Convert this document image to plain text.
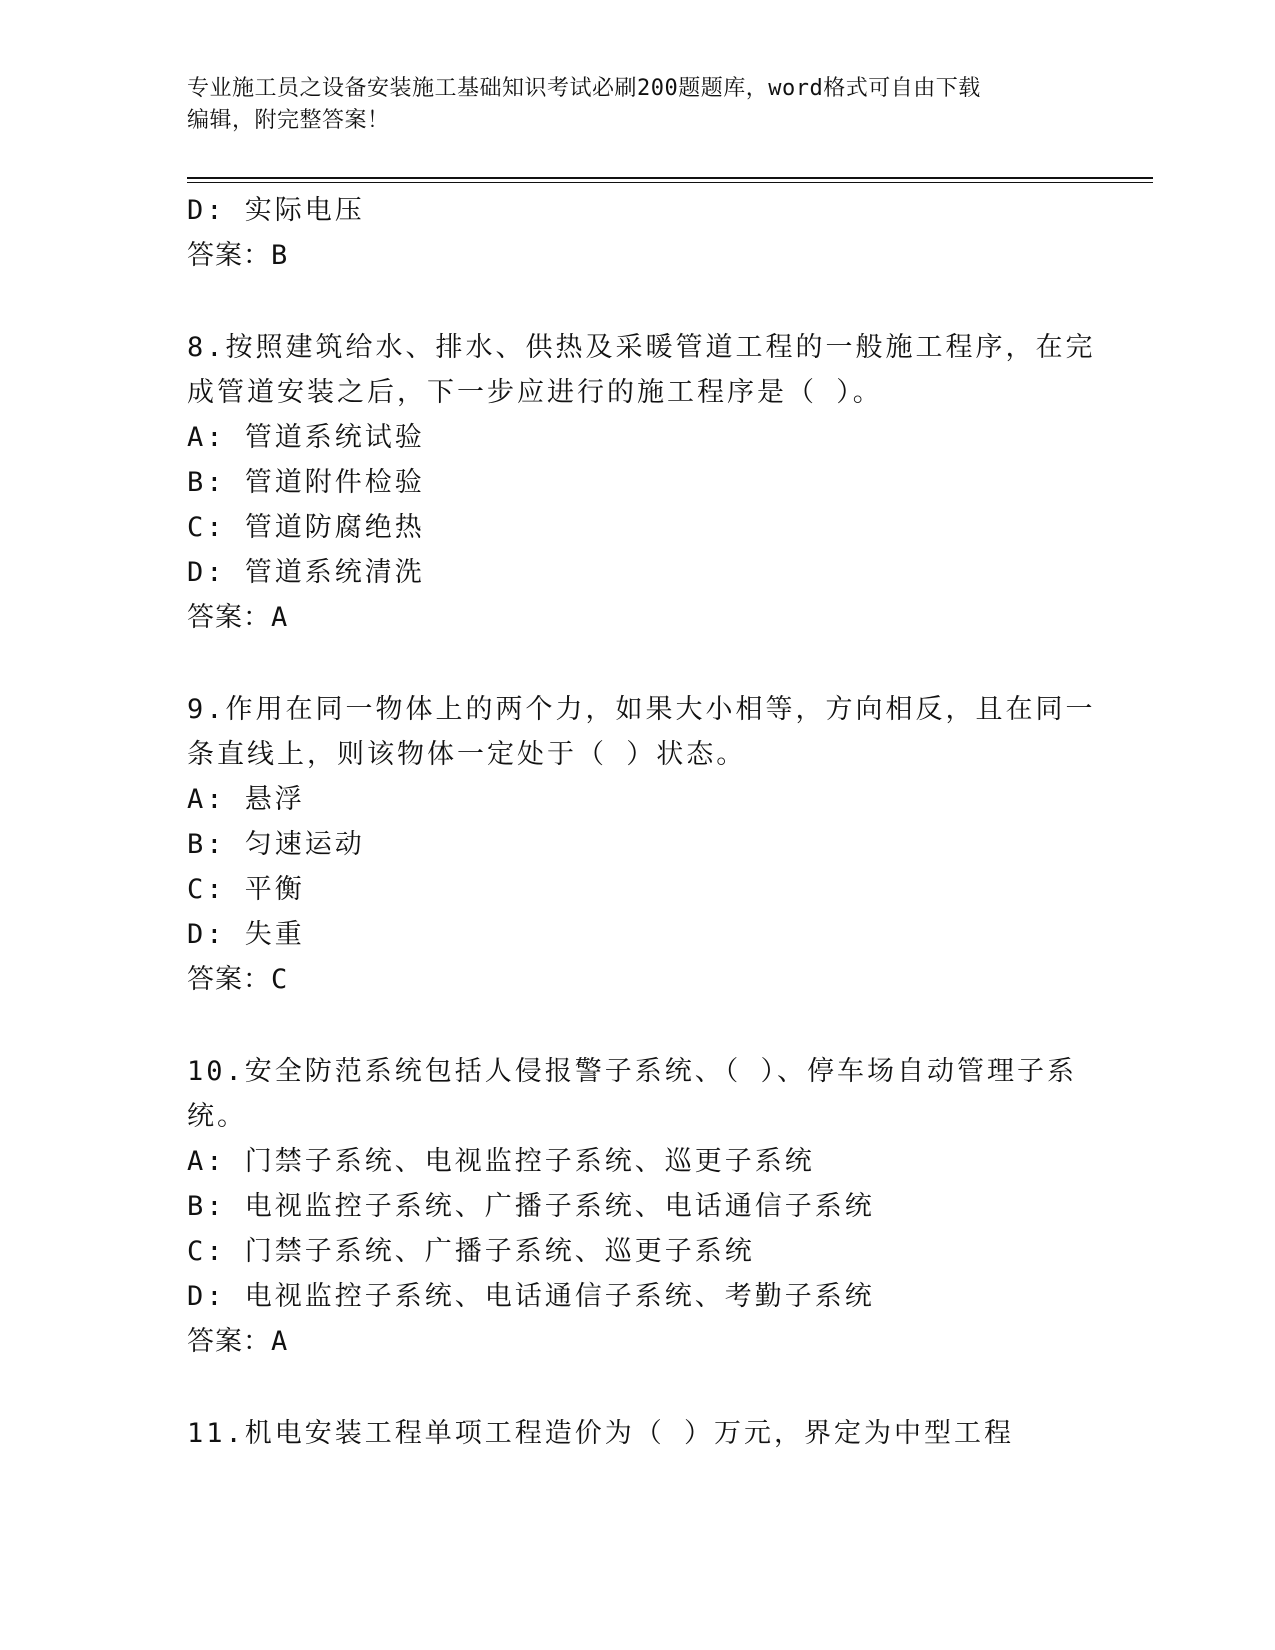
专业施工员之设备安装施工基础知识考试必刷200题题库，word格式可自由下载
编辑，附完整答案！
D: 实际电压
答案：B
8.按照建筑给水、排水、供热及采暖管道工程的一般施工程序，在完
成管道安装之后，下一步应进行的施工程序是（ ）。
A: 管道系统试验
B: 管道附件检验
C: 管道防腐绝热
D: 管道系统清洗
答案：A
9.作用在同一物体上的两个力，如果大小相等，方向相反，且在同一
条直线上，则该物体一定处于（ ）状态。
A: 悬浮
B: 匀速运动
C: 平衡
D: 失重
答案：C
10.安全防范系统包括人侵报警子系统、（ ）、停车场自动管理子系
统。
A: 门禁子系统、电视监控子系统、巡更子系统
B: 电视监控子系统、广播子系统、电话通信子系统
C: 门禁子系统、广播子系统、巡更子系统
D: 电视监控子系统、电话通信子系统、考勤子系统
答案：A
11.机电安装工程单项工程造价为（ ）万元，界定为中型工程
